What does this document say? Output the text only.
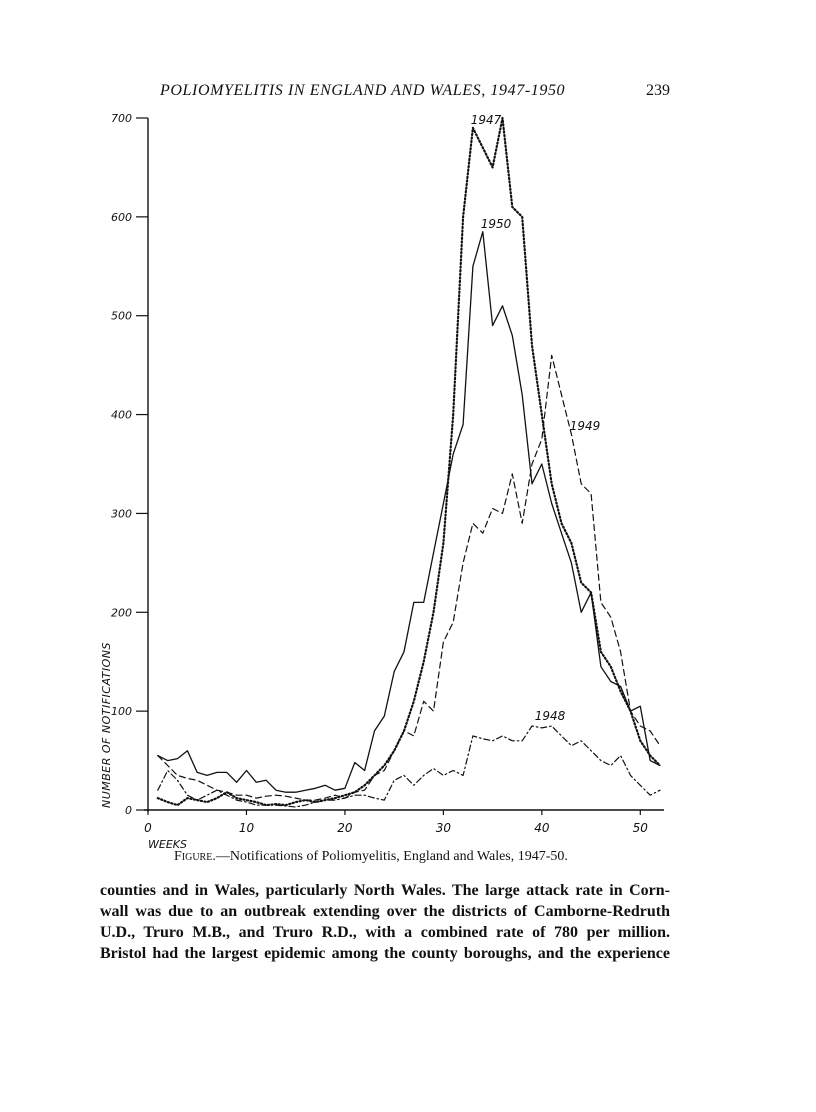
POLIOMYELITIS IN ENGLAND AND WALES, 1947-1950	239
0
100
200
300
400
500
600
700
0	10	20	30	40	50
WEEKS
NUMBER OF NOTIFICATIONS
1947
1950
1949
1948
Figure.—Notifications of Poliomyelitis, England and Wales, 1947-50.

counties and in Wales, particularly North Wales. The large attack rate in Corn-

wall was due to an outbreak extending over the districts of Camborne-Redruth

U.D., Truro M.B., and Truro R.D., with a combined rate of 780 per million.

Bristol had the largest epidemic among the county boroughs, and the experience
